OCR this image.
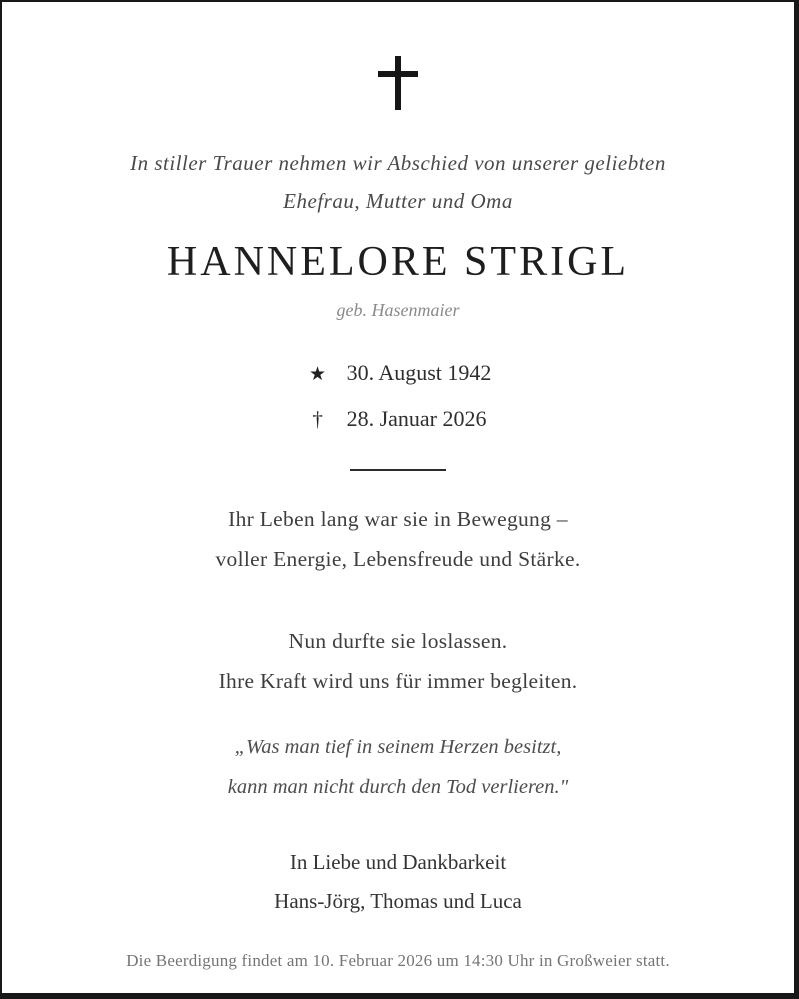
In stiller Trauer nehmen wir Abschied von unserer geliebten
Ehefrau, Mutter und Oma

HANNELORE STRIGL

geb. Hasenmaier

★ 30. August 1942
†	28. Januar 2026

Ihr Leben lang war sie in Bewegung –
voller Energie, Lebensfreude und Stärke.

Nun durfte sie loslassen.
Ihre Kraft wird uns für immer begleiten.

„Was man tief in seinem Herzen besitzt,
kann man nicht durch den Tod verlieren."

In Liebe und Dankbarkeit
Hans-Jörg, Thomas und Luca

Die Beerdigung findet am 10. Februar 2026 um 14:30 Uhr in Großweier statt.
